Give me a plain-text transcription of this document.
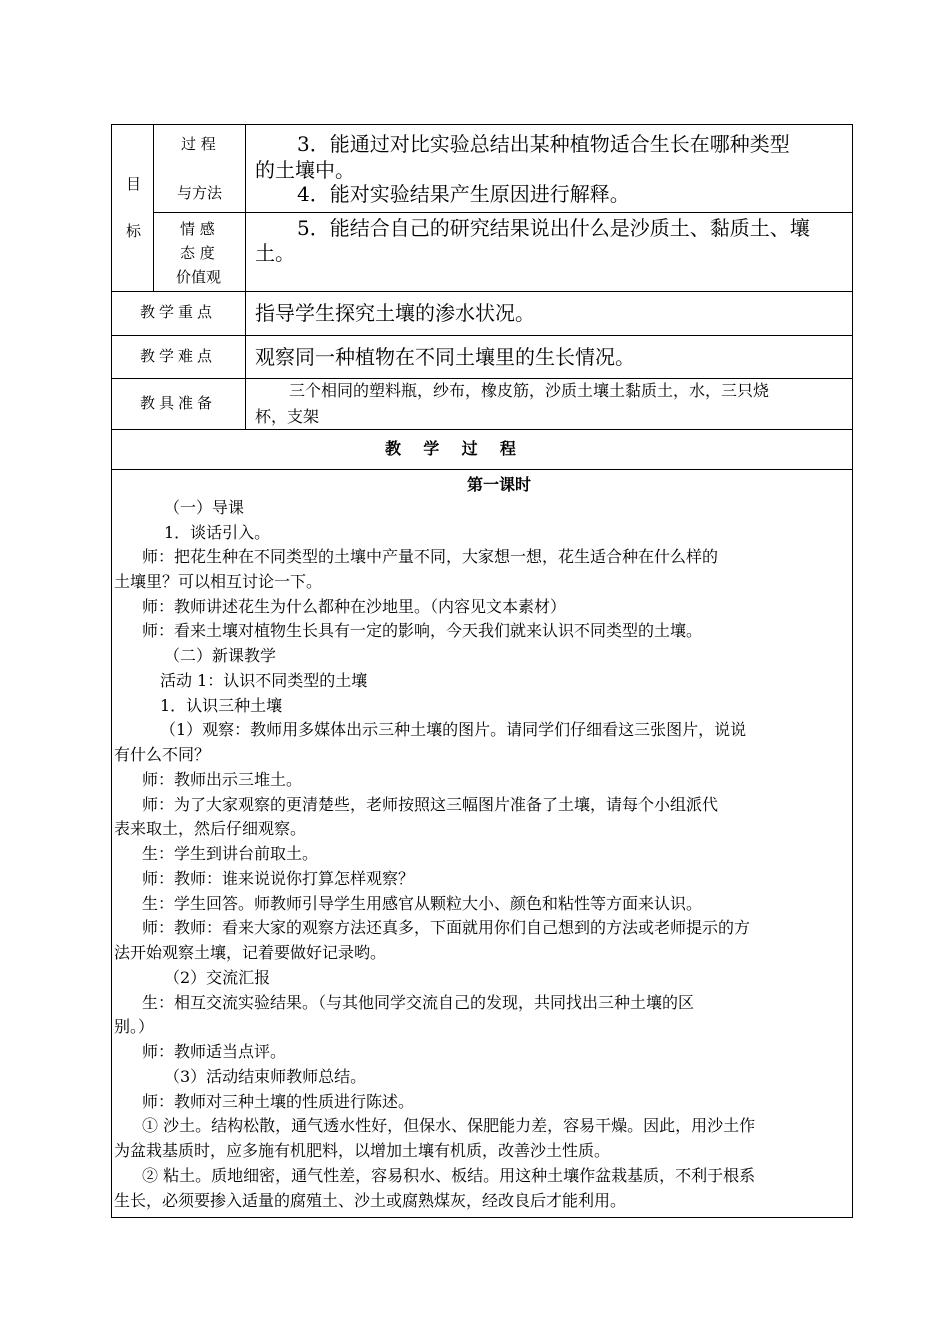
目
标
过 程
与方法
3．能通过对比实验总结出某种植物适合生长在哪种类型
的土壤中。
4．能对实验结果产生原因进行解释。
情 感
态 度
价值观
5．能结合自己的研究结果说出什么是沙质土、黏质土、壤
土。
教学重点 指导学生探究土壤的渗水状况。
教学难点 观察同一种植物在不同土壤里的生长情况。
教具准备
三个相同的塑料瓶，纱布，橡皮筋，沙质土壤土黏质土，水，三只烧
杯，支架
教    学    过    程
第一课时
（一）导课
1．谈话引入。
师：把花生种在不同类型的土壤中产量不同，大家想一想，花生适合种在什么样的
土壤里？可以相互讨论一下。
师：教师讲述花生为什么都种在沙地里。（内容见文本素材）
师：看来土壤对植物生长具有一定的影响，今天我们就来认识不同类型的土壤。
（二）新课教学
活动 1：认识不同类型的土壤
1．认识三种土壤
（1）观察：教师用多媒体出示三种土壤的图片。请同学们仔细看这三张图片，说说
有什么不同？
师：教师出示三堆土。
师：为了大家观察的更清楚些，老师按照这三幅图片准备了土壤，请每个小组派代
表来取土，然后仔细观察。
生：学生到讲台前取土。
师：教师：谁来说说你打算怎样观察？
生：学生回答。师教师引导学生用感官从颗粒大小、颜色和粘性等方面来认识。
师：教师：看来大家的观察方法还真多，下面就用你们自己想到的方法或老师提示的方
法开始观察土壤，记着要做好记录哟。
（2）交流汇报
生：相互交流实验结果。（与其他同学交流自己的发现，共同找出三种土壤的区
别。）
师：教师适当点评。
（3）活动结束师教师总结。
师：教师对三种土壤的性质进行陈述。
① 沙土。结构松散，通气透水性好，但保水、保肥能力差，容易干燥。因此，用沙土作
为盆栽基质时，应多施有机肥料，以增加土壤有机质，改善沙土性质。
② 粘土。质地细密，通气性差，容易积水、板结。用这种土壤作盆栽基质，不利于根系
生长，必须要掺入适量的腐殖土、沙土或腐熟煤灰，经改良后才能利用。
